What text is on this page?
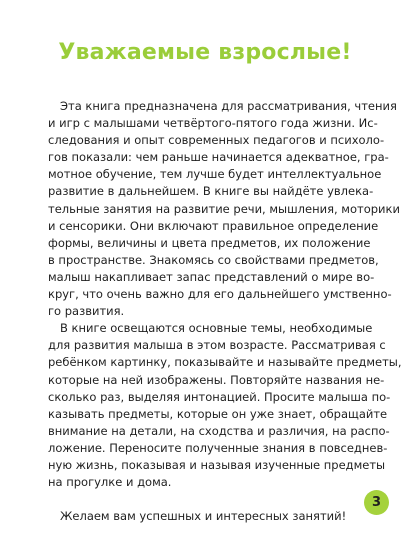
Уважаемые взрослые!
Эта книга предназначена для рассматривания, чтения
и игр с малышами четвёртого-пятого года жизни. Ис-
следования и опыт современных педагогов и психоло-
гов показали: чем раньше начинается адекватное, гра-
мотное обучение, тем лучше будет интеллектуальное
развитие в дальнейшем. В книге вы найдёте увлека-
тельные занятия на развитие речи, мышления, моторики
и сенсорики. Они включают правильное определение
формы, величины и цвета предметов, их положение
в пространстве. Знакомясь со свойствами предметов,
малыш накапливает запас представлений о мире во-
круг, что очень важно для его дальнейшего умственно-
го развития.
В книге освещаются основные темы, необходимые
для развития малыша в этом возрасте. Рассматривая с
ребёнком картинку, показывайте и называйте предметы,
которые на ней изображены. Повторяйте названия не-
сколько раз, выделяя интонацией. Просите малыша по-
казывать предметы, которые он уже знает, обращайте
внимание на детали, на сходства и различия, на распо-
ложение. Переносите полученные знания в повседнев-
ную жизнь, показывая и называя изученные предметы
на прогулке и дома.
Желаем вам успешных и интересных занятий!
3
